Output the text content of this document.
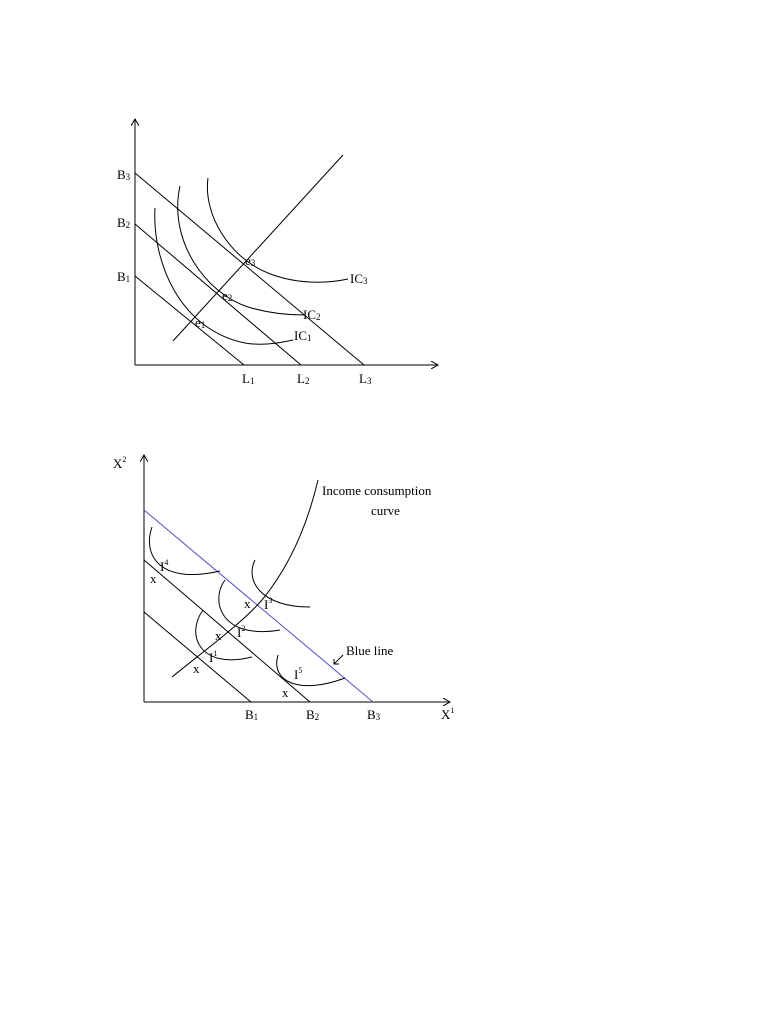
B3
B2
B1
L1	L2	L3
IC3
IC2
IC1
e3
e2
e1
$X^2$
$X^1$
B1	B2	B3
Income consumption
curve
Blue line
$I^4$
$I^3$
$I^2$
$I^1$
$I^5$
x
x
x
x
x
